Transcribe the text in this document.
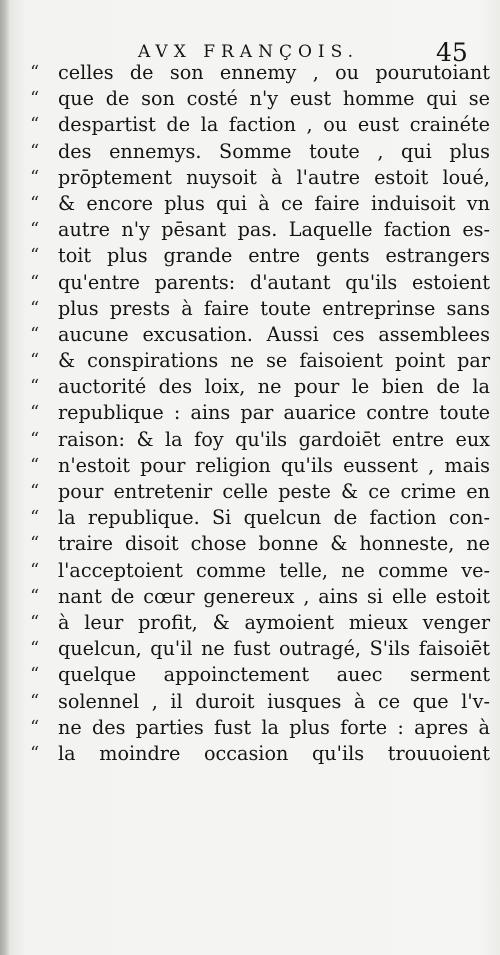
AVX FRANÇOIS.	45
“ celles de son ennemy , ou pourutoiant
“ que de son costé n'y eust homme qui se
“ despartist de la faction , ou eust crainéte
“ des ennemys. Somme toute , qui plus
“ prōptement nuysoit à l'autre estoit loué,
“ & encore plus qui à ce faire induisoit vn
“ autre n'y pēsant pas. Laquelle faction es-
“ toit plus grande entre gents estrangers
“ qu'entre parents: d'autant qu'ils estoient
“ plus prests à faire toute entreprinse sans
“ aucune excusation. Aussi ces assemblees
“ & conspirations ne se faisoient point par
“ auctorité des loix, ne pour le bien de la
“ republique : ains par auarice contre toute
“ raison: & la foy qu'ils gardoiēt entre eux
“ n'estoit pour religion qu'ils eussent , mais
“ pour entretenir celle peste & ce crime en
“ la republique. Si quelcun de faction con-
“ traire disoit chose bonne & honneste, ne
“ l'acceptoient comme telle, ne comme ve-
“ nant de cœur genereux , ains si elle estoit
“ à leur profit, & aymoient mieux venger
“ quelcun, qu'il ne fust outragé, S'ils faisoiēt
“ quelque appoinctement auec serment
“ solennel , il duroit iusques à ce que l'v-
“ ne des parties fust la plus forte : apres à
“ la moindre occasion qu'ils trouuoient
